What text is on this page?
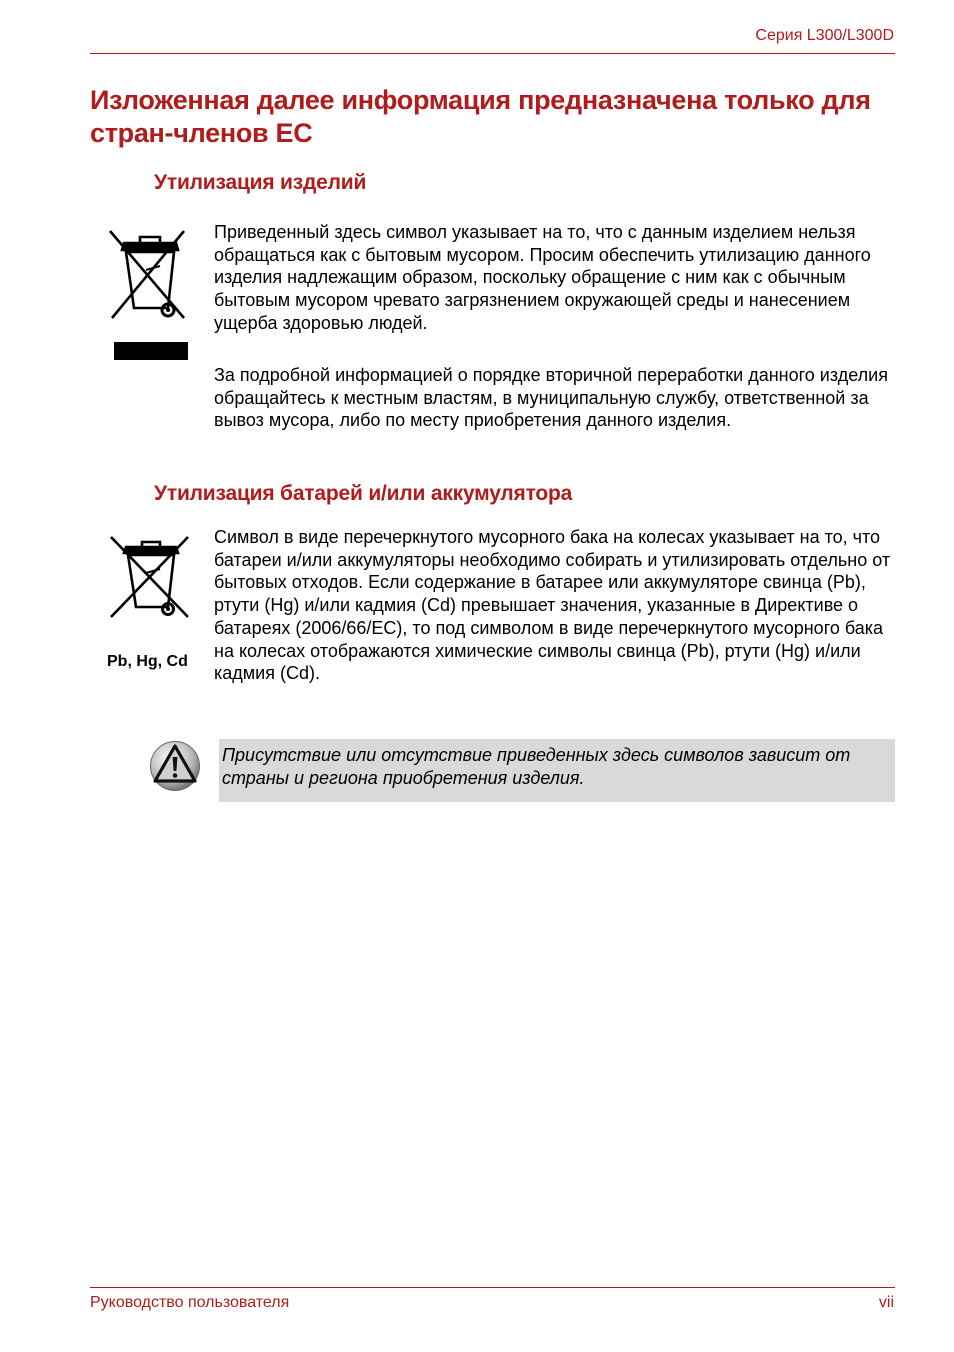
Серия L300/L300D
Изложенная далее информация предназначена только для стран-членов ЕС
Утилизация изделий
Приведенный здесь символ указывает на то, что с данным изделием нельзя обращаться как с бытовым мусором. Просим обеспечить утилизацию данного изделия надлежащим образом, поскольку обращение с ним как с обычным бытовым мусором чревато загрязнением окружающей среды и нанесением ущерба здоровью людей.
За подробной информацией о порядке вторичной переработки данного изделия обращайтесь к местным властям, в муниципальную службу, ответственной за вывоз мусора, либо по месту приобретения данного изделия.
Утилизация батарей и/или аккумулятора
Pb, Hg, Cd
Символ в виде перечеркнутого мусорного бака на колесах указывает на то, что батареи и/или аккумуляторы необходимо собирать и утилизировать отдельно от бытовых отходов. Если содержание в батарее или аккумуляторе свинца (Pb), ртути (Hg) и/или кадмия (Cd) превышает значения, указанные в Директиве о батареях (2006/66/EC), то под символом в виде перечеркнутого мусорного бака на колесах отображаются химические символы свинца (Pb), ртути (Hg) и/или кадмия (Cd).
Присутствие или отсутствие приведенных здесь символов зависит от страны и региона приобретения изделия.
Руководство пользователя	vii
